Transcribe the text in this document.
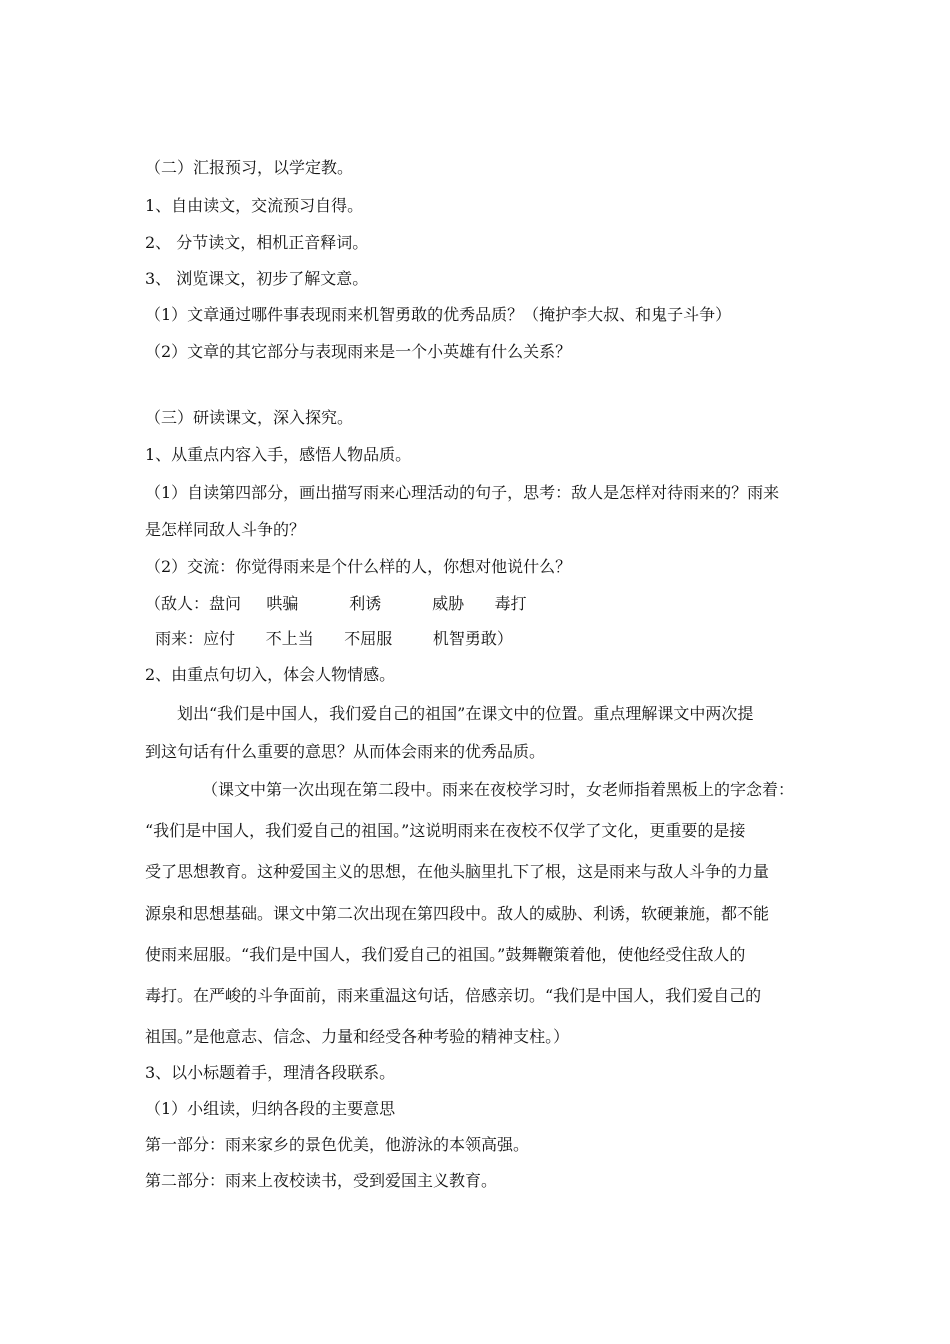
（二）汇报预习，以学定教。
1、自由读文，交流预习自得。
2、 分节读文，相机正音释词。
3、 浏览课文，初步了解文意。
（1）文章通过哪件事表现雨来机智勇敢的优秀品质？（掩护李大叔、和鬼子斗争）
（2）文章的其它部分与表现雨来是一个小英雄有什么关系？
（三）研读课文，深入探究。
1、从重点内容入手，感悟人物品质。
（1）自读第四部分，画出描写雨来心理活动的句子，思考：敌人是怎样对待雨来的？雨来
是怎样同敌人斗争的？
（2）交流：你觉得雨来是个什么样的人，你想对他说什么？
（敌人：盘问     哄骗          利诱          威胁      毒打
雨来：应付      不上当      不屈服        机智勇敢）
2、由重点句切入，体会人物情感。
划出“我们是中国人，我们爱自己的祖国”在课文中的位置。重点理解课文中两次提
到这句话有什么重要的意思？从而体会雨来的优秀品质。
（课文中第一次出现在第二段中。雨来在夜校学习时，女老师指着黑板上的字念着：
“我们是中国人，我们爱自己的祖国。”这说明雨来在夜校不仅学了文化，更重要的是接
受了思想教育。这种爱国主义的思想，在他头脑里扎下了根，这是雨来与敌人斗争的力量
源泉和思想基础。课文中第二次出现在第四段中。敌人的威胁、利诱，软硬兼施，都不能
使雨来屈服。“我们是中国人，我们爱自己的祖国。”鼓舞鞭策着他，使他经受住敌人的
毒打。在严峻的斗争面前，雨来重温这句话，倍感亲切。“我们是中国人，我们爱自己的
祖国。”是他意志、信念、力量和经受各种考验的精神支柱。）
3、以小标题着手，理清各段联系。
（1）小组读，归纳各段的主要意思
第一部分：雨来家乡的景色优美，他游泳的本领高强。
第二部分：雨来上夜校读书，受到爱国主义教育。
